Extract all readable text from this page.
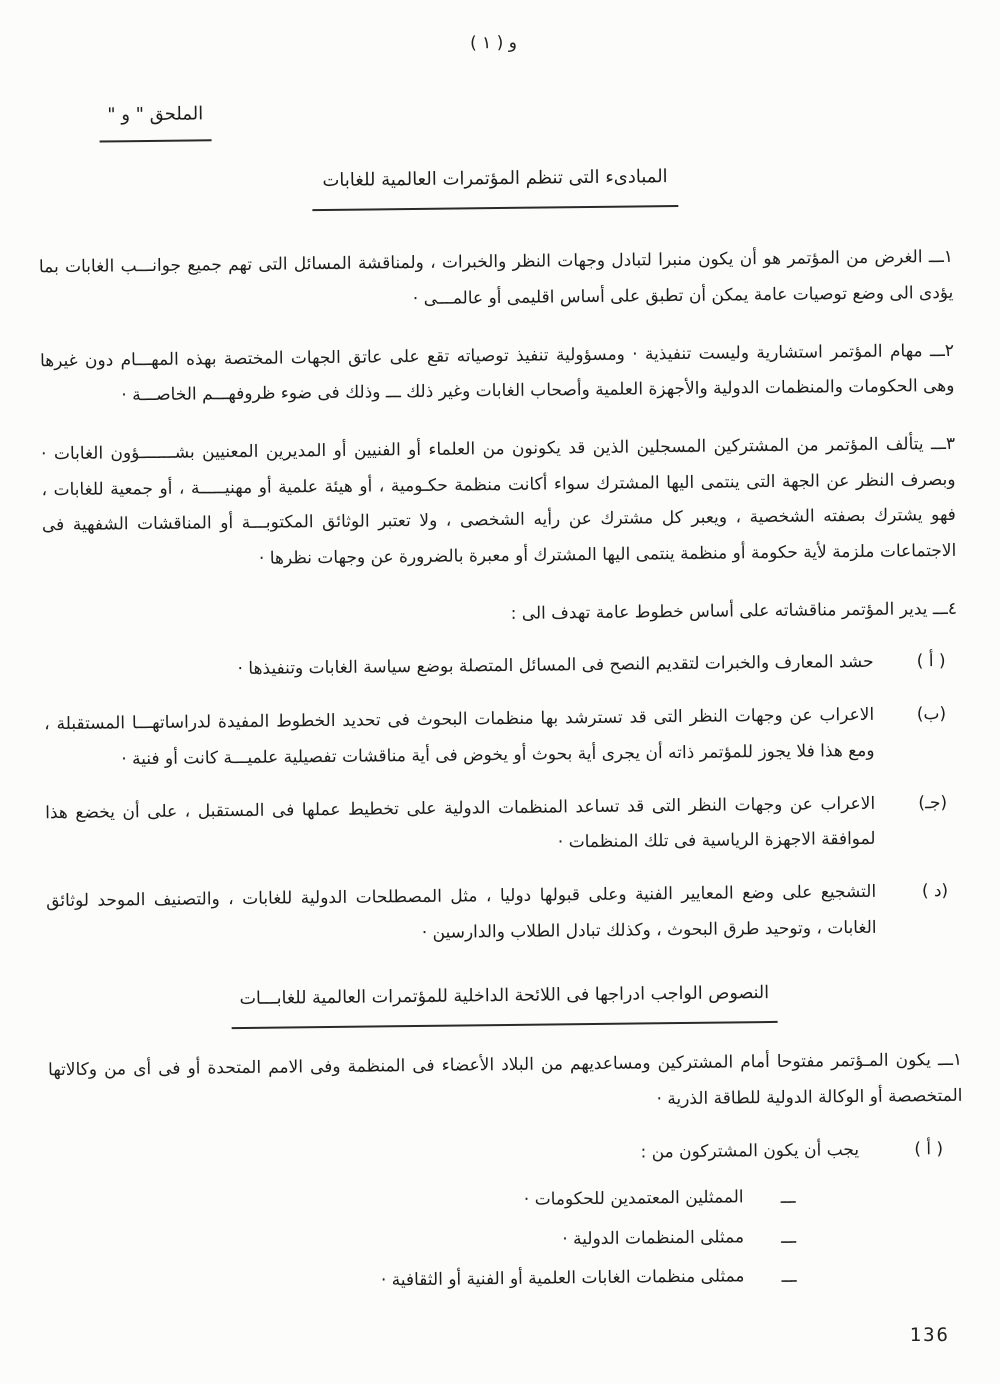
و ( ١ )
الملحق " و "
المبادىء التى تنظم المؤتمرات العالمية للغابات

١ـــ الغرض من المؤتمر هو أن يكون منبرا لتبادل وجهات النظر والخبرات ، ولمناقشة المسائل التى تهم جميع جوانـــب الغابات بما يؤدى الى وضع توصيات عامة يمكن أن تطبق على أساس اقليمى أو عالمـــى ·

٢ـــ مهام المؤتمر استشارية وليست تنفيذية · ومسؤولية تنفيذ توصياته تقع على عاتق الجهات المختصة بهذه المهـــام دون غيرها وهى الحكومات والمنظمات الدولية والأجهزة العلمية وأصحاب الغابات وغير ذلك ـــ وذلك فى ضوء ظروفهـــم الخاصـــة ·

٣ـــ يتألف المؤتمر من المشتركين المسجلين الذين قد يكونون من العلماء أو الفنيين أو المديرين المعنيين بشـــــــؤون الغابات · وبصرف النظر عن الجهة التى ينتمى اليها المشترك سواء أكانت منظمة حكـومية ، أو هيئة علمية أو مهنيـــــة ، أو جمعية للغابات ، فهو يشترك بصفته الشخصية ، ويعبر كل مشترك عن رأيه الشخصى ، ولا تعتبر الوثائق المكتوبـــة أو المناقشات الشفهية فى الاجتماعات ملزمة لأية حكومة أو منظمة ينتمى اليها المشترك أو معبرة بالضرورة عن وجهات نظرها ·

٤ـــ يدير المؤتمر مناقشاته على أساس خطوط عامة تهدف الى :

( أ )
حشد المعارف والخبرات لتقديم النصح فى المسائل المتصلة بوضع سياسة الغابات وتنفيذها ·
(ب)
الاعراب عن وجهات النظر التى قد تسترشد بها منظمات البحوث فى تحديد الخطوط المفيدة لدراساتهـــا المستقبلة ، ومع هذا فلا يجوز للمؤتمر ذاته أن يجرى أية بحوث أو يخوض فى أية مناقشات تفصيلية علميـــة كانت أو فنية ·
(جـ)
الاعراب عن وجهات النظر التى قد تساعد المنظمات الدولية على تخطيط عملها فى المستقبل ، على أن يخضع هذا لموافقة الاجهزة الرياسية فى تلك المنظمات ·
(د )
التشجيع على وضع المعايير الفنية وعلى قبولها دوليا ، مثل المصطلحات الدولية للغابات ، والتصنيف الموحد لوثائق الغابات ، وتوحيد طرق البحوث ، وكذلك تبادل الطلاب والدارسين ·
النصوص الواجب ادراجها فى اللائحة الداخلية للمؤتمرات العالمية للغابـــات

١ـــ يكون المـؤتمر مفتوحا أمام المشتركين ومساعديهم من البلاد الأعضاء فى المنظمة وفى الامم المتحدة أو فى أى من وكالاتها المتخصصة أو الوكالة الدولية للطاقة الذرية ·

( أ )
يجب أن يكون المشتركون من :
ـــ
الممثلين المعتمدين للحكومات ·
ـــ
ممثلى المنظمات الدولية ·
ـــ
ممثلى منظمات الغابات العلمية أو الفنية أو الثقافية ·
136
